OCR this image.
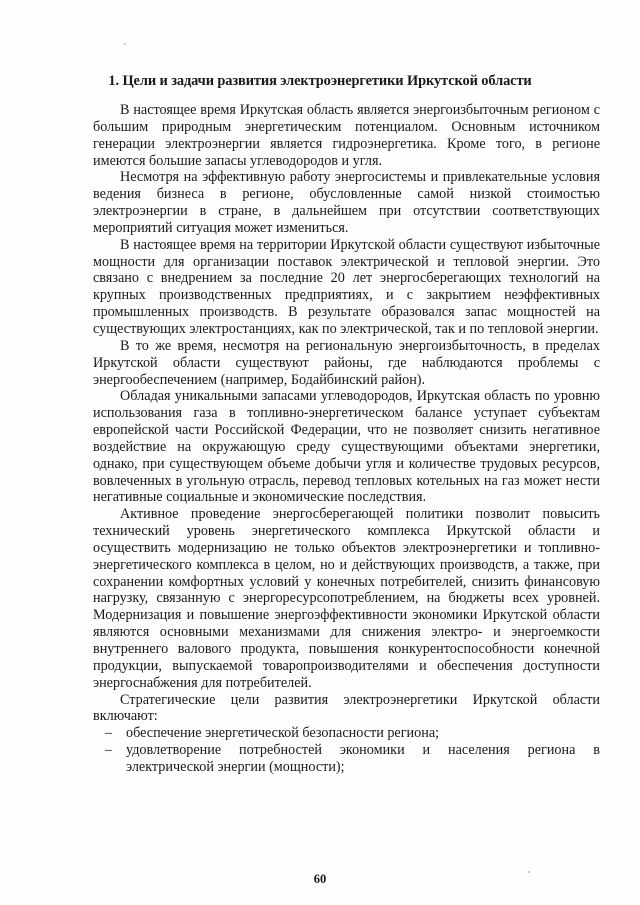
1. Цели и задачи развития электроэнергетики Иркутской области

В настоящее время Иркутская область является энергоизбыточным регионом с большим природным энергетическим потенциалом. Основным источником генерации электроэнергии является гидроэнергетика. Кроме того, в регионе имеются большие запасы углеводородов и угля.

Несмотря на эффективную работу энергосистемы и привлекательные условия ведения бизнеса в регионе, обусловленные самой низкой стоимостью электроэнергии в стране, в дальнейшем при отсутствии соответствующих мероприятий ситуация может измениться.

В настоящее время на территории Иркутской области существуют избыточные мощности для организации поставок электрической и тепловой энергии. Это связано с внедрением за последние 20 лет энергосберегающих технологий на крупных производственных предприятиях, и с закрытием неэффективных промышленных производств. В результате образовался запас мощностей на существующих электростанциях, как по электрической, так и по тепловой энергии.

В то же время, несмотря на региональную энергоизбыточность, в пределах Иркутской области существуют районы, где наблюдаются проблемы с энергообеспечением (например, Бодайбинский район).

Обладая уникальными запасами углеводородов, Иркутская область по уровню использования газа в топливно-энергетическом балансе уступает субъектам европейской части Российской Федерации, что не позволяет снизить негативное воздействие на окружающую среду существующими объектами энергетики, однако, при существующем объеме добычи угля и количестве трудовых ресурсов, вовлеченных в угольную отрасль, перевод тепловых котельных на газ может нести негативные социальные и экономические последствия.

Активное проведение энергосберегающей политики позволит повысить технический уровень энергетического комплекса Иркутской области и осуществить модернизацию не только объектов электроэнергетики и топливно-энергетического комплекса в целом, но и действующих производств, а также, при сохранении комфортных условий у конечных потребителей, снизить финансовую нагрузку, связанную с энергоресурсопотреблением, на бюджеты всех уровней. Модернизация и повышение энергоэффективности экономики Иркутской области являются основными механизмами для снижения электро- и энергоемкости внутреннего валового продукта, повышения конкурентоспособности конечной продукции, выпускаемой товаропроизводителями и обеспечения доступности энергоснабжения для потребителей.

Стратегические цели развития электроэнергетики Иркутской области включают:

– обеспечение энергетической безопасности региона;
– удовлетворение потребностей экономики и населения региона в электрической энергии (мощности);
60
